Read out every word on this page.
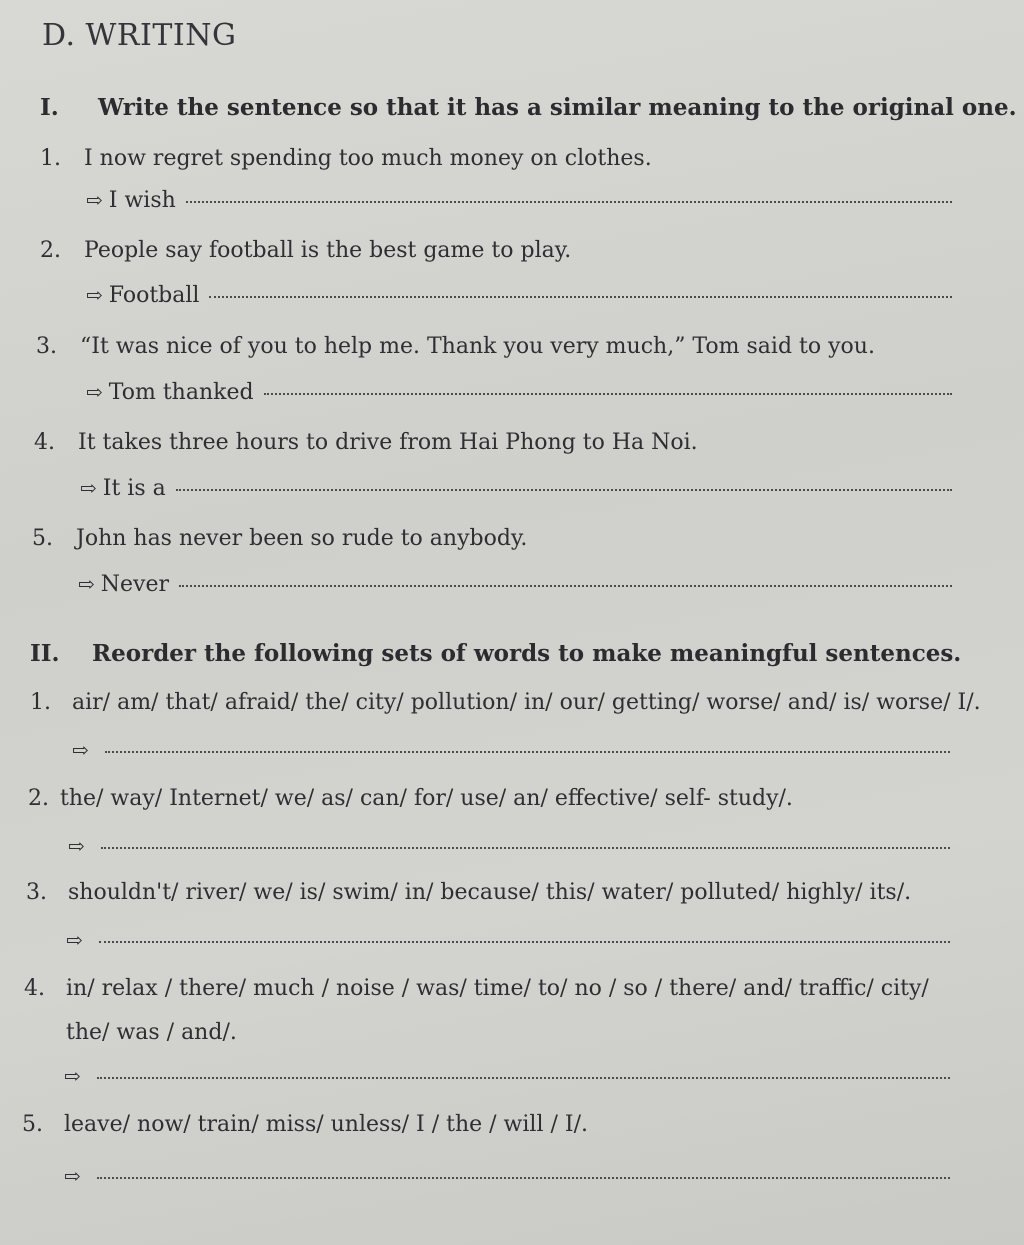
D. WRITING
I. Write the sentence so that it has a similar meaning to the original one.
1. I now regret spending too much money on clothes.
⇨ I wish
2. People say football is the best game to play.
⇨ Football
3. “It was nice of you to help me. Thank you very much,” Tom said to you.
⇨ Tom thanked
4. It takes three hours to drive from Hai Phong to Ha Noi.
⇨ It is a
5. John has never been so rude to anybody.
⇨ Never
II. Reorder the following sets of words to make meaningful sentences.
1. air/ am/ that/ afraid/ the/ city/ pollution/ in/ our/ getting/ worse/ and/ is/ worse/ I/.
⇨
2. the/ way/ Internet/ we/ as/ can/ for/ use/ an/ effective/ self- study/.
⇨
3. shouldn't/ river/ we/ is/ swim/ in/ because/ this/ water/ polluted/ highly/ its/.
⇨
4. in/ relax / there/ much / noise / was/ time/ to/ no / so / there/ and/ traffic/ city/
the/ was / and/.
⇨
5. leave/ now/ train/ miss/ unless/ I / the / will / I/.
⇨
